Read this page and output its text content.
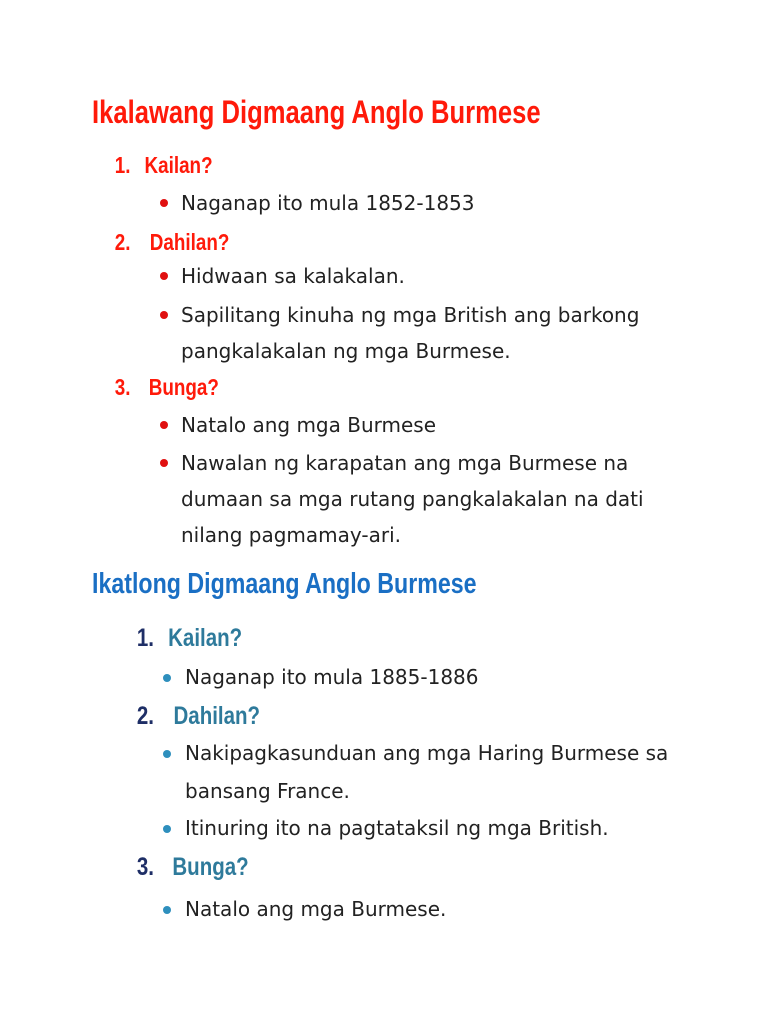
Ikalawang Digmaang Anglo Burmese
1. Kailan?
Naganap ito mula 1852-1853
2. Dahilan?
Hidwaan sa kalakalan.
Sapilitang kinuha ng mga British ang barkong
pangkalakalan ng mga Burmese.
3. Bunga?
Natalo ang mga Burmese
Nawalan ng karapatan ang mga Burmese na
dumaan sa mga rutang pangkalakalan na dati
nilang pagmamay-ari.
Ikatlong Digmaang Anglo Burmese
1. Kailan?
Naganap ito mula 1885-1886
2. Dahilan?
Nakipagkasunduan ang mga Haring Burmese sa
bansang France.
Itinuring ito na pagtataksil ng mga British.
3. Bunga?
Natalo ang mga Burmese.
